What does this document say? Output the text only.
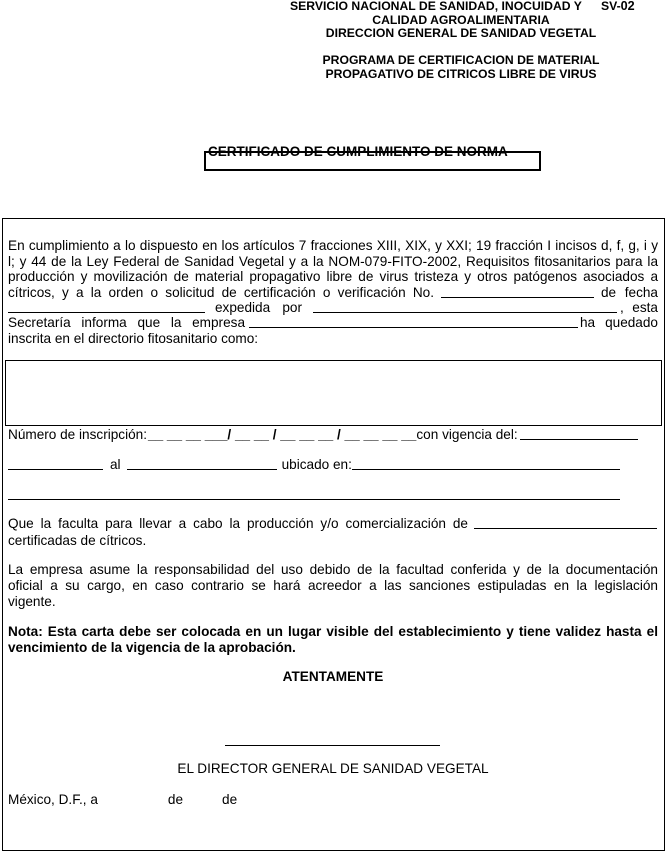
SERVICIO NACIONAL DE SANIDAD, INOCUIDAD Y SV-02
CALIDAD AGROALIMENTARIA
DIRECCION GENERAL DE SANIDAD VEGETAL
PROGRAMA DE CERTIFICACION DE MATERIAL
PROPAGATIVO DE CITRICOS LIBRE DE VIRUS
CERTIFICADO DE CUMPLIMIENTO DE NORMA
En cumplimiento a lo dispuesto en los artículos 7 fracciones XIII, XIX, y XXI; 19 fracción I incisos d, f, g, i y
l; y 44 de la Ley Federal de Sanidad Vegetal y a la NOM-079-FITO-2002, Requisitos fitosanitarios para la
producción y movilización de material propagativo libre de virus tristeza y otros patógenos asociados a
cítricos, y a la orden o solicitud de certificación o verificación No.	de fecha
expedida por	, esta
Secretaría informa que la empresa	ha quedado
inscrita en el directorio fitosanitario como:
Número de inscripción: __ __ __ ___/ __ __ / __ __ __ / __ __ __ __ con vigencia del:
al	ubicado en:
Que la faculta para llevar a cabo la producción y/o comercialización de
certificadas de cítricos.
La empresa asume la responsabilidad del uso debido de la facultad conferida y de la documentación
oficial a su cargo, en caso contrario se hará acreedor a las sanciones estipuladas en la legislación
vigente.
Nota: Esta carta debe ser colocada en un lugar visible del establecimiento y tiene validez hasta el
vencimiento de la vigencia de la aprobación.
ATENTAMENTE
EL DIRECTOR GENERAL DE SANIDAD VEGETAL
México, D.F., a	de	de
